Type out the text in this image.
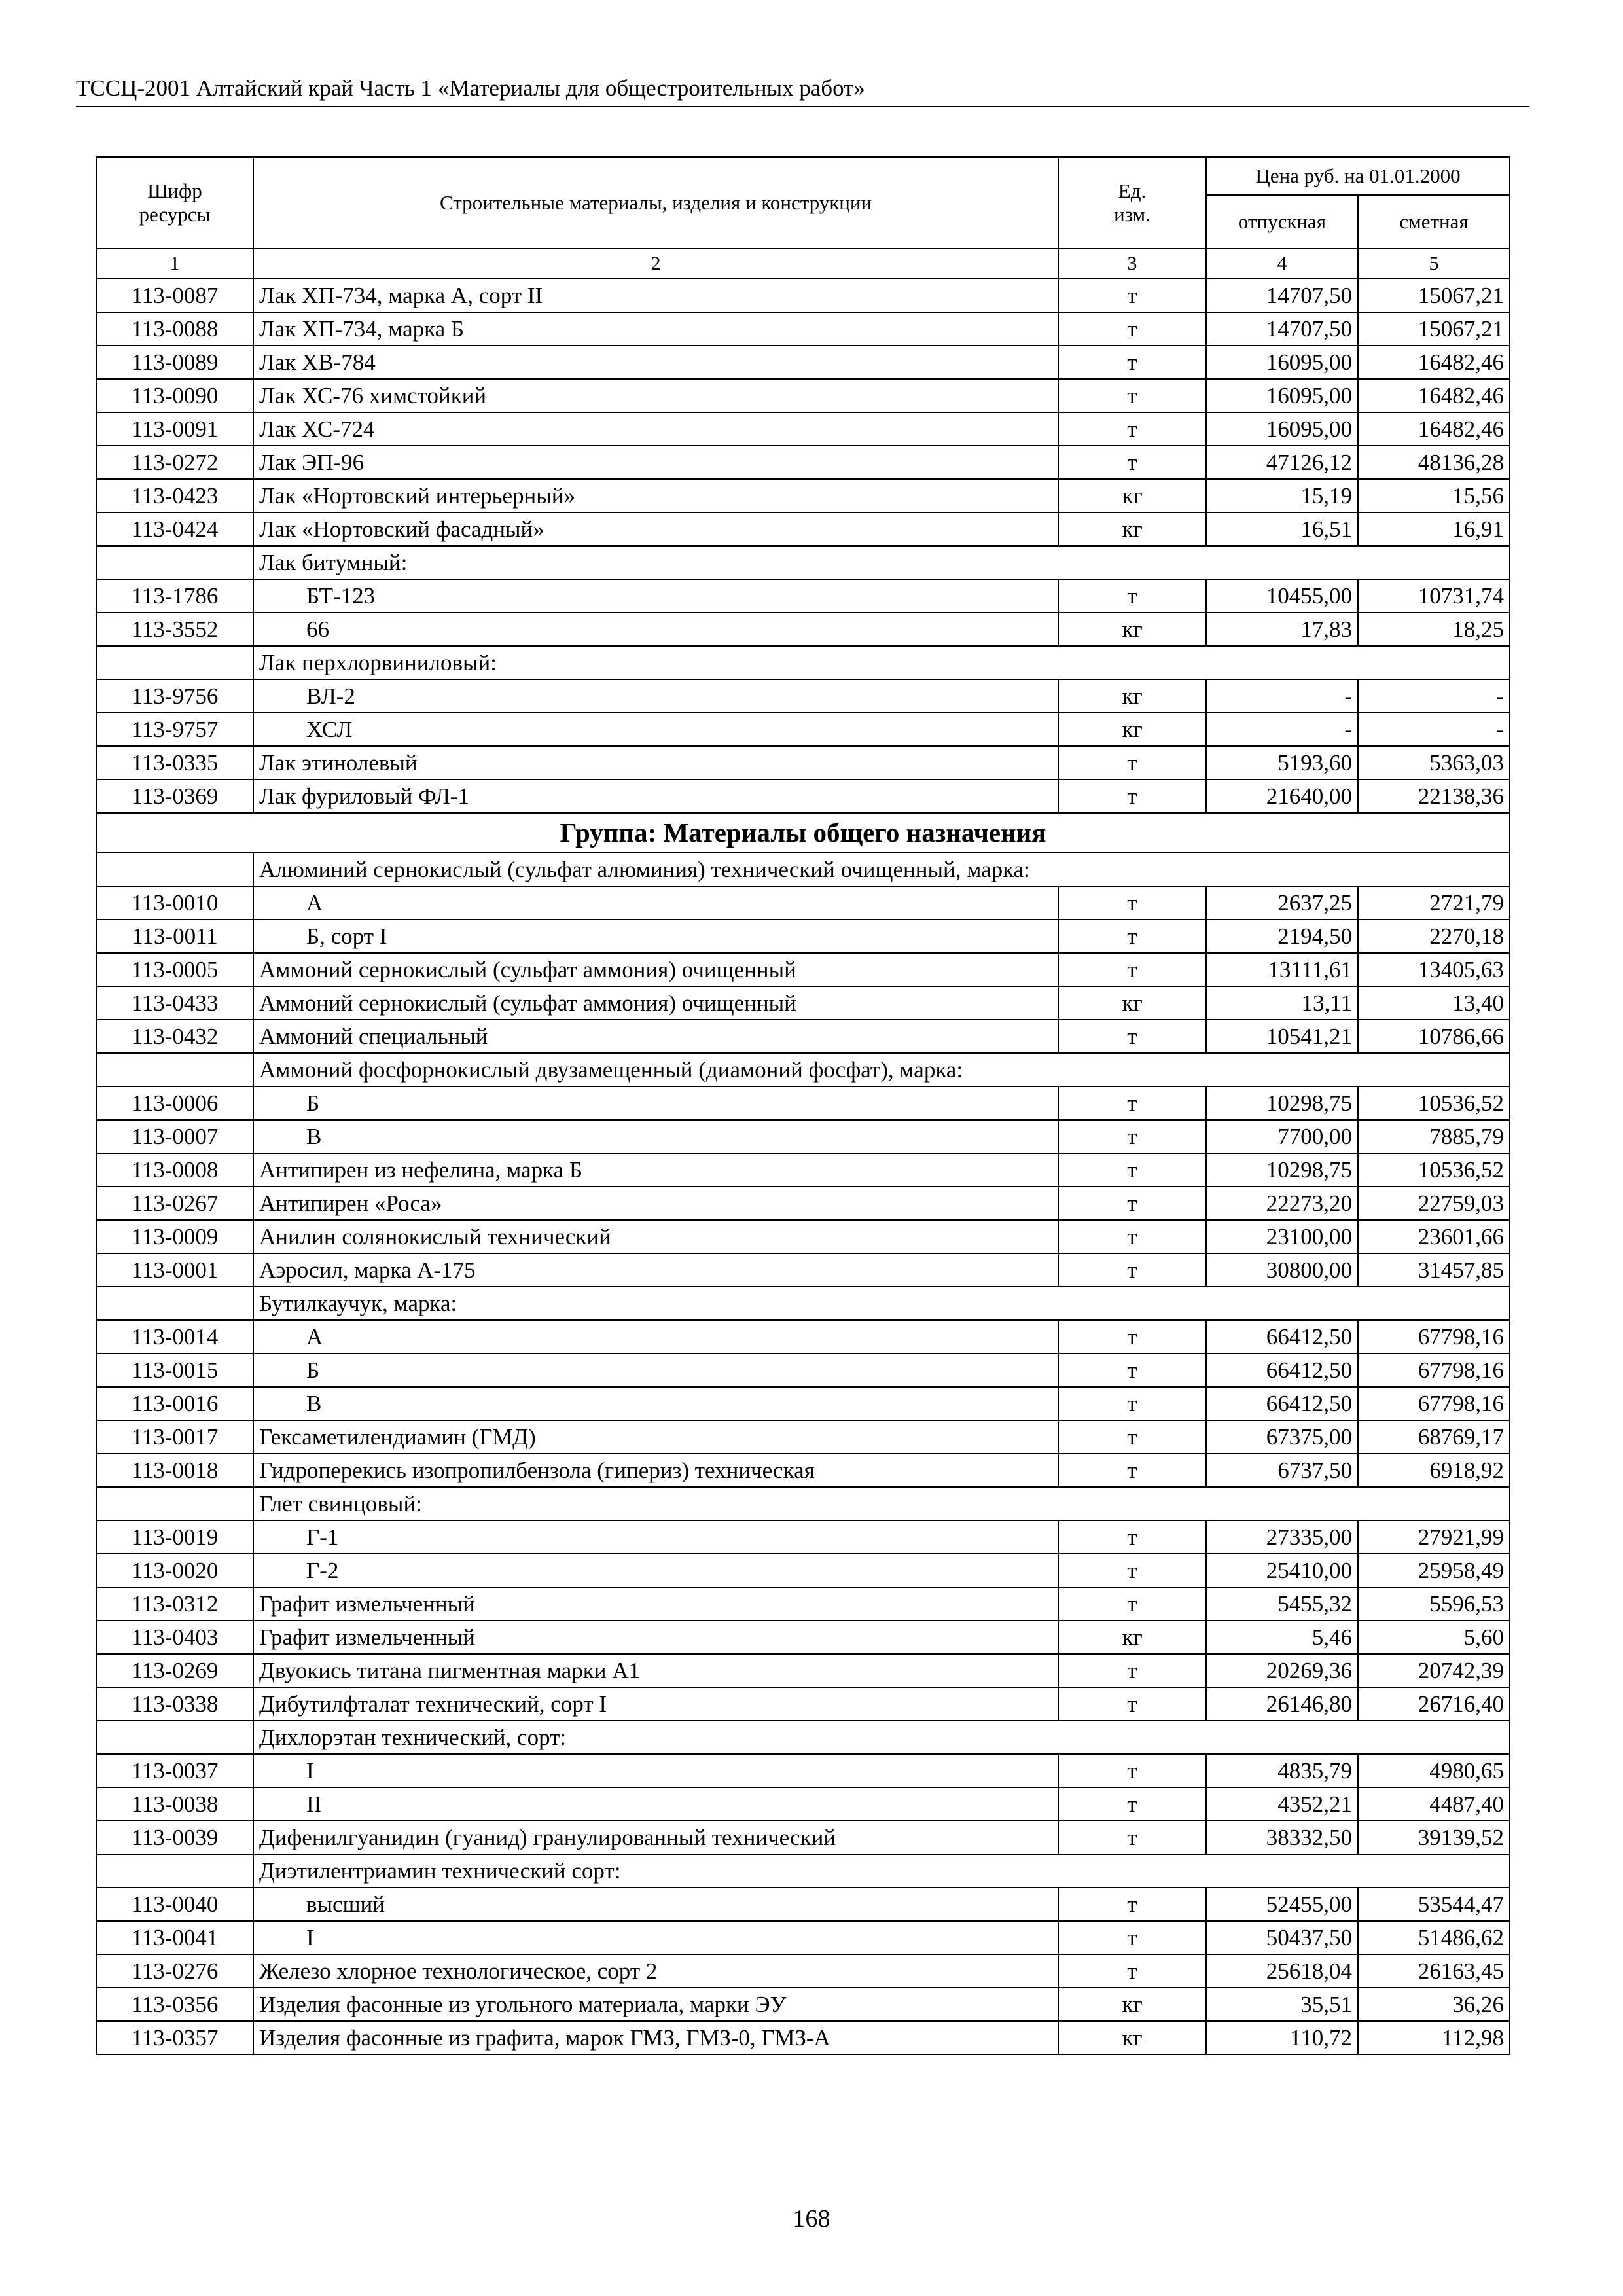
ТССЦ-2001 Алтайский край Часть 1 «Материалы для общестроительных работ»
Шифр ресурсы	Строительные материалы, изделия и конструкции	Ед. изм.	Цена руб. на 01.01.2000	
			отпускная	сметная
1	2	3	4	5
113-0087	Лак ХП-734, марка А, сорт II	т	14707,50	15067,21
113-0088	Лак ХП-734, марка Б	т	14707,50	15067,21
113-0089	Лак ХВ-784	т	16095,00	16482,46
113-0090	Лак ХС-76 химстойкий	т	16095,00	16482,46
113-0091	Лак ХС-724	т	16095,00	16482,46
113-0272	Лак ЭП-96	т	47126,12	48136,28
113-0423	Лак «Нортовский интерьерный»	кг	15,19	15,56
113-0424	Лак «Нортовский фасадный»	кг	16,51	16,91
	Лак битумный:			
113-1786	БТ-123	т	10455,00	10731,74
113-3552	66	кг	17,83	18,25
	Лак перхлорвиниловый:			
113-9756	ВЛ-2	кг	-	-
113-9757	ХСЛ	кг	-	-
113-0335	Лак этинолевый	т	5193,60	5363,03
113-0369	Лак фуриловый ФЛ-1	т	21640,00	22138,36
Группа: Материалы общего назначения				
	Алюминий сернокислый (сульфат алюминия) технический очищенный, марка:			
113-0010	А	т	2637,25	2721,79
113-0011	Б, сорт I	т	2194,50	2270,18
113-0005	Аммоний сернокислый (сульфат аммония) очищенный	т	13111,61	13405,63
113-0433	Аммоний сернокислый (сульфат аммония) очищенный	кг	13,11	13,40
113-0432	Аммоний специальный	т	10541,21	10786,66
	Аммоний фосфорнокислый двузамещенный (диамоний фосфат), марка:			
113-0006	Б	т	10298,75	10536,52
113-0007	В	т	7700,00	7885,79
113-0008	Антипирен из нефелина, марка Б	т	10298,75	10536,52
113-0267	Антипирен «Роса»	т	22273,20	22759,03
113-0009	Анилин солянокислый технический	т	23100,00	23601,66
113-0001	Аэросил, марка А-175	т	30800,00	31457,85
	Бутилкаучук, марка:			
113-0014	А	т	66412,50	67798,16
113-0015	Б	т	66412,50	67798,16
113-0016	В	т	66412,50	67798,16
113-0017	Гексаметилендиамин (ГМД)	т	67375,00	68769,17
113-0018	Гидроперекись изопропилбензола (гипериз) техническая	т	6737,50	6918,92
	Глет свинцовый:			
113-0019	Г-1	т	27335,00	27921,99
113-0020	Г-2	т	25410,00	25958,49
113-0312	Графит измельченный	т	5455,32	5596,53
113-0403	Графит измельченный	кг	5,46	5,60
113-0269	Двуокись титана пигментная марки А1	т	20269,36	20742,39
113-0338	Дибутилфталат технический, сорт I	т	26146,80	26716,40
	Дихлорэтан технический, сорт:			
113-0037	I	т	4835,79	4980,65
113-0038	II	т	4352,21	4487,40
113-0039	Дифенилгуанидин (гуанид) гранулированный технический	т	38332,50	39139,52
	Диэтилентриамин технический сорт:			
113-0040	высший	т	52455,00	53544,47
113-0041	I	т	50437,50	51486,62
113-0276	Железо хлорное технологическое, сорт 2	т	25618,04	26163,45
113-0356	Изделия фасонные из угольного материала, марки ЭУ	кг	35,51	36,26
113-0357	Изделия фасонные из графита, марок ГМЗ, ГМЗ-0, ГМЗ-А	кг	110,72	112,98
168
